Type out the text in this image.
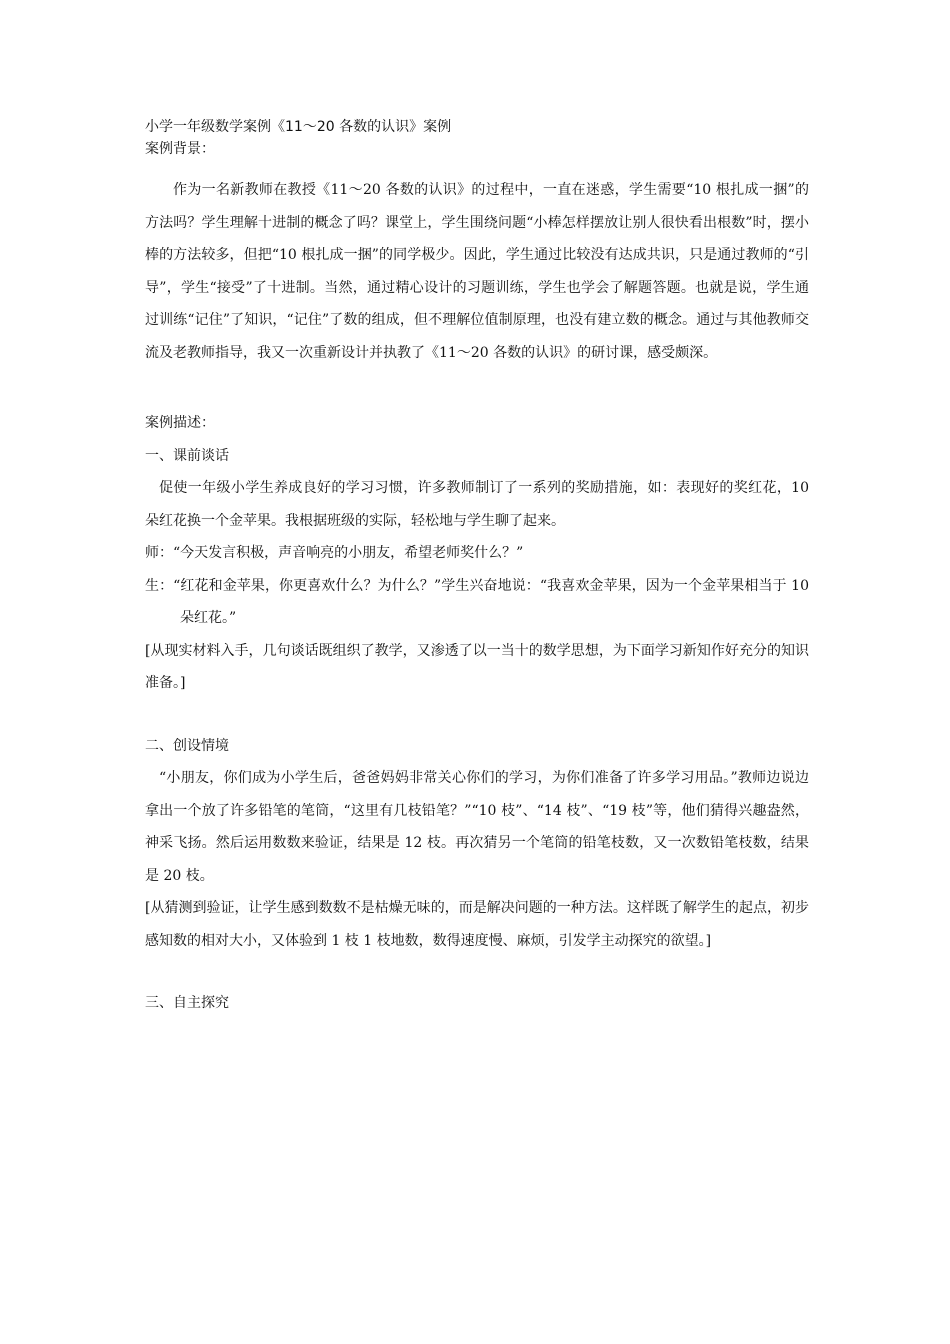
小学一年级数学案例《11～20 各数的认识》案例

案例背景：

作为一名新教师在教授《11～20 各数的认识》的过程中，一直在迷惑，学生需要“10 根扎成一捆”的方法吗？学生理解十进制的概念了吗？课堂上，学生围绕问题“小棒怎样摆放让别人很快看出根数”时，摆小棒的方法较多，但把“10 根扎成一捆”的同学极少。因此，学生通过比较没有达成共识，只是通过教师的“引导”，学生“接受”了十进制。当然，通过精心设计的习题训练，学生也学会了解题答题。也就是说，学生通过训练“记住”了知识，“记住”了数的组成，但不理解位值制原理，也没有建立数的概念。通过与其他教师交流及老教师指导，我又一次重新设计并执教了《11～20 各数的认识》的研讨课，感受颇深。

案例描述：

一、课前谈话

促使一年级小学生养成良好的学习习惯，许多教师制订了一系列的奖励措施，如：表现好的奖红花，10 朵红花换一个金苹果。我根据班级的实际，轻松地与学生聊了起来。

师：“今天发言积极，声音响亮的小朋友，希望老师奖什么？”

生：“红花和金苹果，你更喜欢什么？为什么？”学生兴奋地说：“我喜欢金苹果，因为一个金苹果相当于 10 朵红花。”

[从现实材料入手，几句谈话既组织了教学，又渗透了以一当十的数学思想，为下面学习新知作好充分的知识准备。]

二、创设情境

“小朋友，你们成为小学生后，爸爸妈妈非常关心你们的学习，为你们准备了许多学习用品。”教师边说边拿出一个放了许多铅笔的笔筒，“这里有几枝铅笔？”“10 枝”、“14 枝”、“19 枝”等，他们猜得兴趣盎然，神采飞扬。然后运用数数来验证，结果是 12 枝。再次猜另一个笔筒的铅笔枝数，又一次数铅笔枝数，结果是 20 枝。

[从猜测到验证，让学生感到数数不是枯燥无味的，而是解决问题的一种方法。这样既了解学生的起点，初步感知数的相对大小，又体验到 1 枝 1 枝地数，数得速度慢、麻烦，引发学主动探究的欲望。]

三、自主探究
